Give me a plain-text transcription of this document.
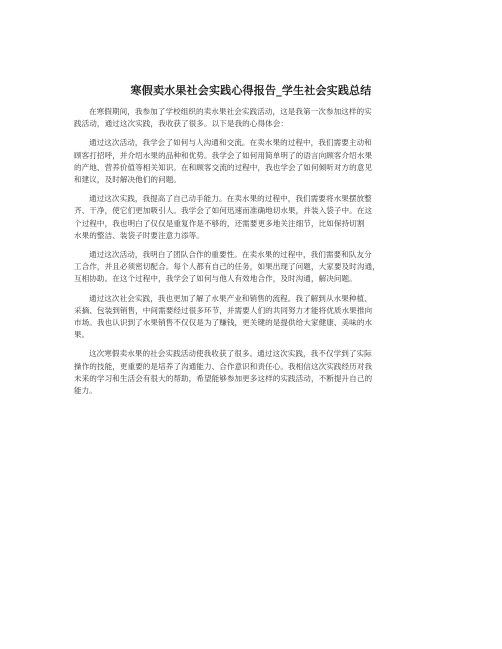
寒假卖水果社会实践心得报告_学生社会实践总结
在寒假期间，我参加了学校组织的卖水果社会实践活动，这是我第一次参加这样的实
践活动，通过这次实践，我收获了很多。以下是我的心得体会：
通过这次活动，我学会了如何与人沟通和交流。在卖水果的过程中，我们需要主动和
顾客打招呼，并介绍水果的品种和优势。我学会了如何用简单明了的语言向顾客介绍水果
的产地、营养价值等相关知识。在和顾客交流的过程中，我也学会了如何倾听对方的意见
和建议，及时解决他们的问题。
通过这次实践，我提高了自己动手能力。在卖水果的过程中，我们需要将水果摆放整
齐、干净，使它们更加吸引人。我学会了如何迅速而准确地切水果，并装入袋子中。在这
个过程中，我也明白了仅仅是重复作是不够的，还需要更多地关注细节，比如保持切割
水果的整洁、装袋子时要注意力添等。
通过这次活动，我明白了团队合作的重要性。在卖水果的过程中，我们需要和队友分
工合作，并且必须密切配合。每个人都有自己的任务，如果出现了问题，大家要及时沟通，
互相协助。在这个过程中，我学会了如何与他人有效地合作，及时沟通，解决问题。
通过这次社会实践，我也更加了解了水果产业和销售的流程。我了解到从水果种植、
采摘、包装到销售，中间需要经过很多环节，并需要人们的共同努力才能将优质水果推向
市场。我也认识到了水果销售不仅仅是为了赚钱，更关键的是提供给大家健康、美味的水
果。
这次寒假卖水果的社会实践活动使我收获了很多。通过这次实践，我不仅学到了实际
操作的技能，更重要的是培养了沟通能力、合作意识和责任心。我相信这次实践经历对我
未来的学习和生活会有很大的帮助，希望能够参加更多这样的实践活动，不断提升自己的
能力。
